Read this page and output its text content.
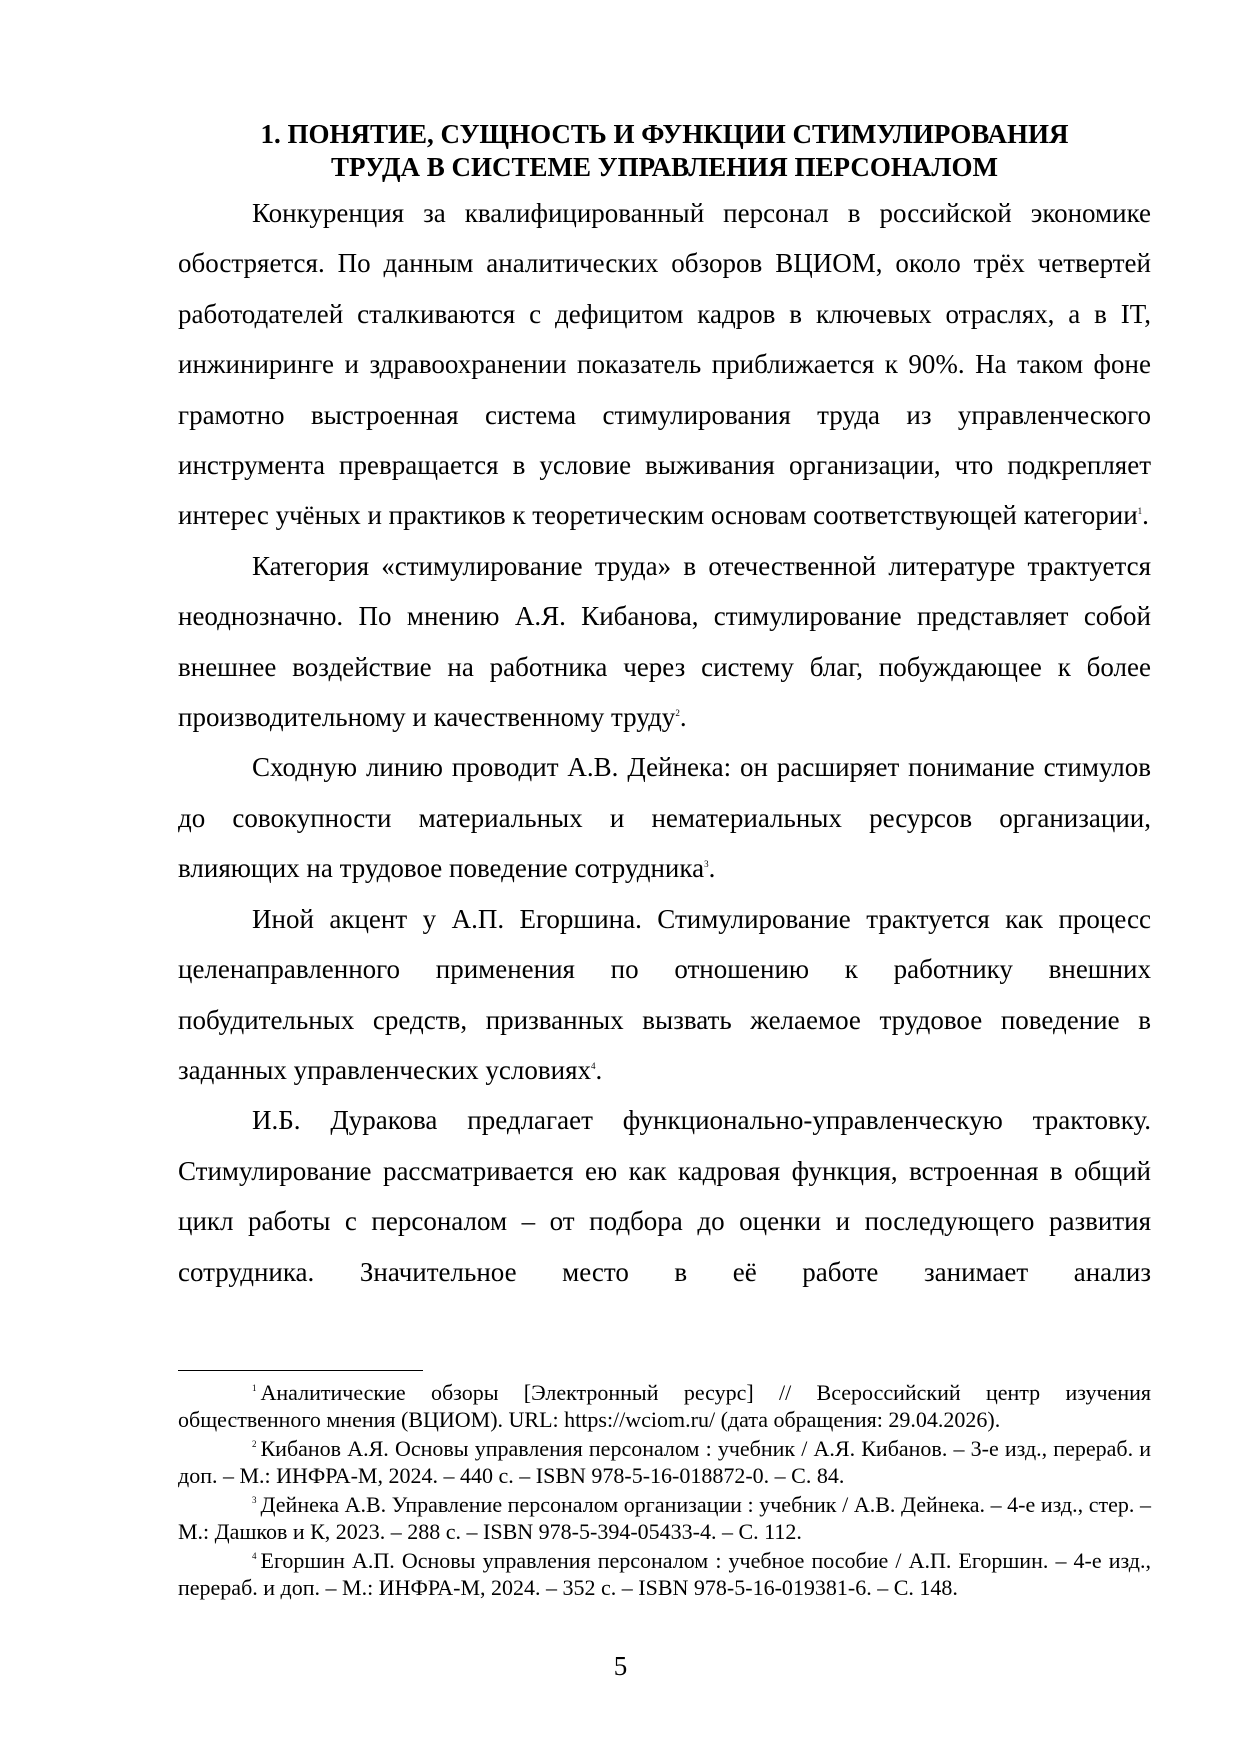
1. ПОНЯТИЕ, СУЩНОСТЬ И ФУНКЦИИ СТИМУЛИРОВАНИЯ
ТРУДА В СИСТЕМЕ УПРАВЛЕНИЯ ПЕРСОНАЛОМ

Конкуренция за квалифицированный персонал в российской экономике обостряется. По данным аналитических обзоров ВЦИОМ, около трёх четвертей работодателей сталкиваются с дефицитом кадров в ключевых отраслях, а в IT, инжиниринге и здравоохранении показатель приближается к 90%. На таком фоне грамотно выстроенная система стимулирования труда из управленческого инструмента превращается в условие выживания организации, что подкрепляет интерес учёных и практиков к теоретическим основам соответствующей категории$^1$.

Категория «стимулирование труда» в отечественной литературе трактуется неоднозначно. По мнению А.Я. Кибанова, стимулирование представляет собой внешнее воздействие на работника через систему благ, побуждающее к более производительному и качественному труду$^2$.

Сходную линию проводит А.В. Дейнека: он расширяет понимание стимулов до совокупности материальных и нематериальных ресурсов организации, влияющих на трудовое поведение сотрудника$^3$.

Иной акцент у А.П. Егоршина. Стимулирование трактуется как процесс целенаправленного применения по отношению к работнику внешних побудительных средств, призванных вызвать желаемое трудовое поведение в заданных управленческих условиях$^4$.

И.Б. Дуракова предлагает функционально-управленческую трактовку. Стимулирование рассматривается ею как кадровая функция, встроенная в общий цикл работы с персоналом – от подбора до оценки и последующего развития сотрудника. Значительное место в её работе занимает анализ

$^1$ Аналитические обзоры [Электронный ресурс] // Всероссийский центр изучения общественного мнения (ВЦИОМ). URL: https://wciom.ru/ (дата обращения: 29.04.2026).

$^2$ Кибанов А.Я. Основы управления персоналом : учебник / А.Я. Кибанов. – 3-е изд., перераб. и доп. – М.: ИНФРА-М, 2024. – 440 с. – ISBN 978-5-16-018872-0. – С. 84.

$^3$ Дейнека А.В. Управление персоналом организации : учебник / А.В. Дейнека. – 4-е изд., стер. – М.: Дашков и К, 2023. – 288 с. – ISBN 978-5-394-05433-4. – С. 112.

$^4$ Егоршин А.П. Основы управления персоналом : учебное пособие / А.П. Егоршин. – 4-е изд., перераб. и доп. – М.: ИНФРА-М, 2024. – 352 с. – ISBN 978-5-16-019381-6. – С. 148.

5
